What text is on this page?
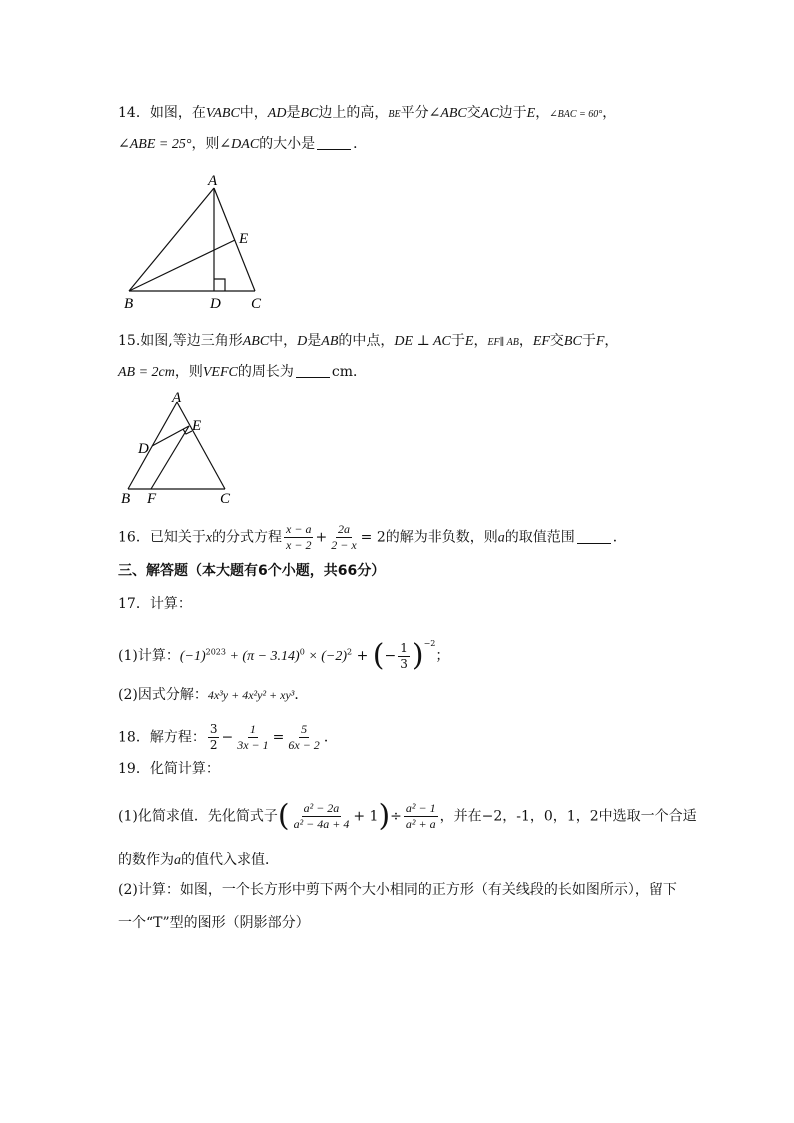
14．如图，在VABC中，AD是BC边上的高，BE平分∠ABC交AC边于E，∠BAC = 60°，
∠ABE = 25°，则∠DAC的大小是	．
A
E
B	D C
15.如图,等边三角形ABC中，D是AB的中点，DE ⊥ AC于E，EF∥ AB，EF交BC于F，
AB = 2cm，则VEFC的周长为	cm．
A
E
D
B F	C
16．已知关于x的分式方程 $\frac{x - a}{x - 2} + \frac{2a}{2 - x} = 2$的解为非负数，则a的取值范围	．
三、解答题（本大题有6个小题，共66分）
17．计算：
(1)计算：$(-1)^{2023} + (\pi - 3.14)^0 \times (-2)^2$ + (− $\frac{1}{3} )^{-2}$；
(2)因式分解：4x³y + 4x²y² + xy³．
18．解方程： $\frac{3}{2} - \frac{1}{3x - 1} = \frac{5}{6x - 2}$ ．
19．化简计算：
(1)化简求值．先化简式子( $\frac{\text{a² − 2a}}{\text{a² − 4a + 4}} + 1)\div \frac{\text{a² − 1}}{\text{a² + a}}$ ，并在−2，-1，0，1，2中选取一个合适
的数作为a的值代入求值．
(2)计算：如图，一个长方形中剪下两个大小相同的正方形（有关线段的长如图所示），留下
一个“T”型的图形（阴影部分）
